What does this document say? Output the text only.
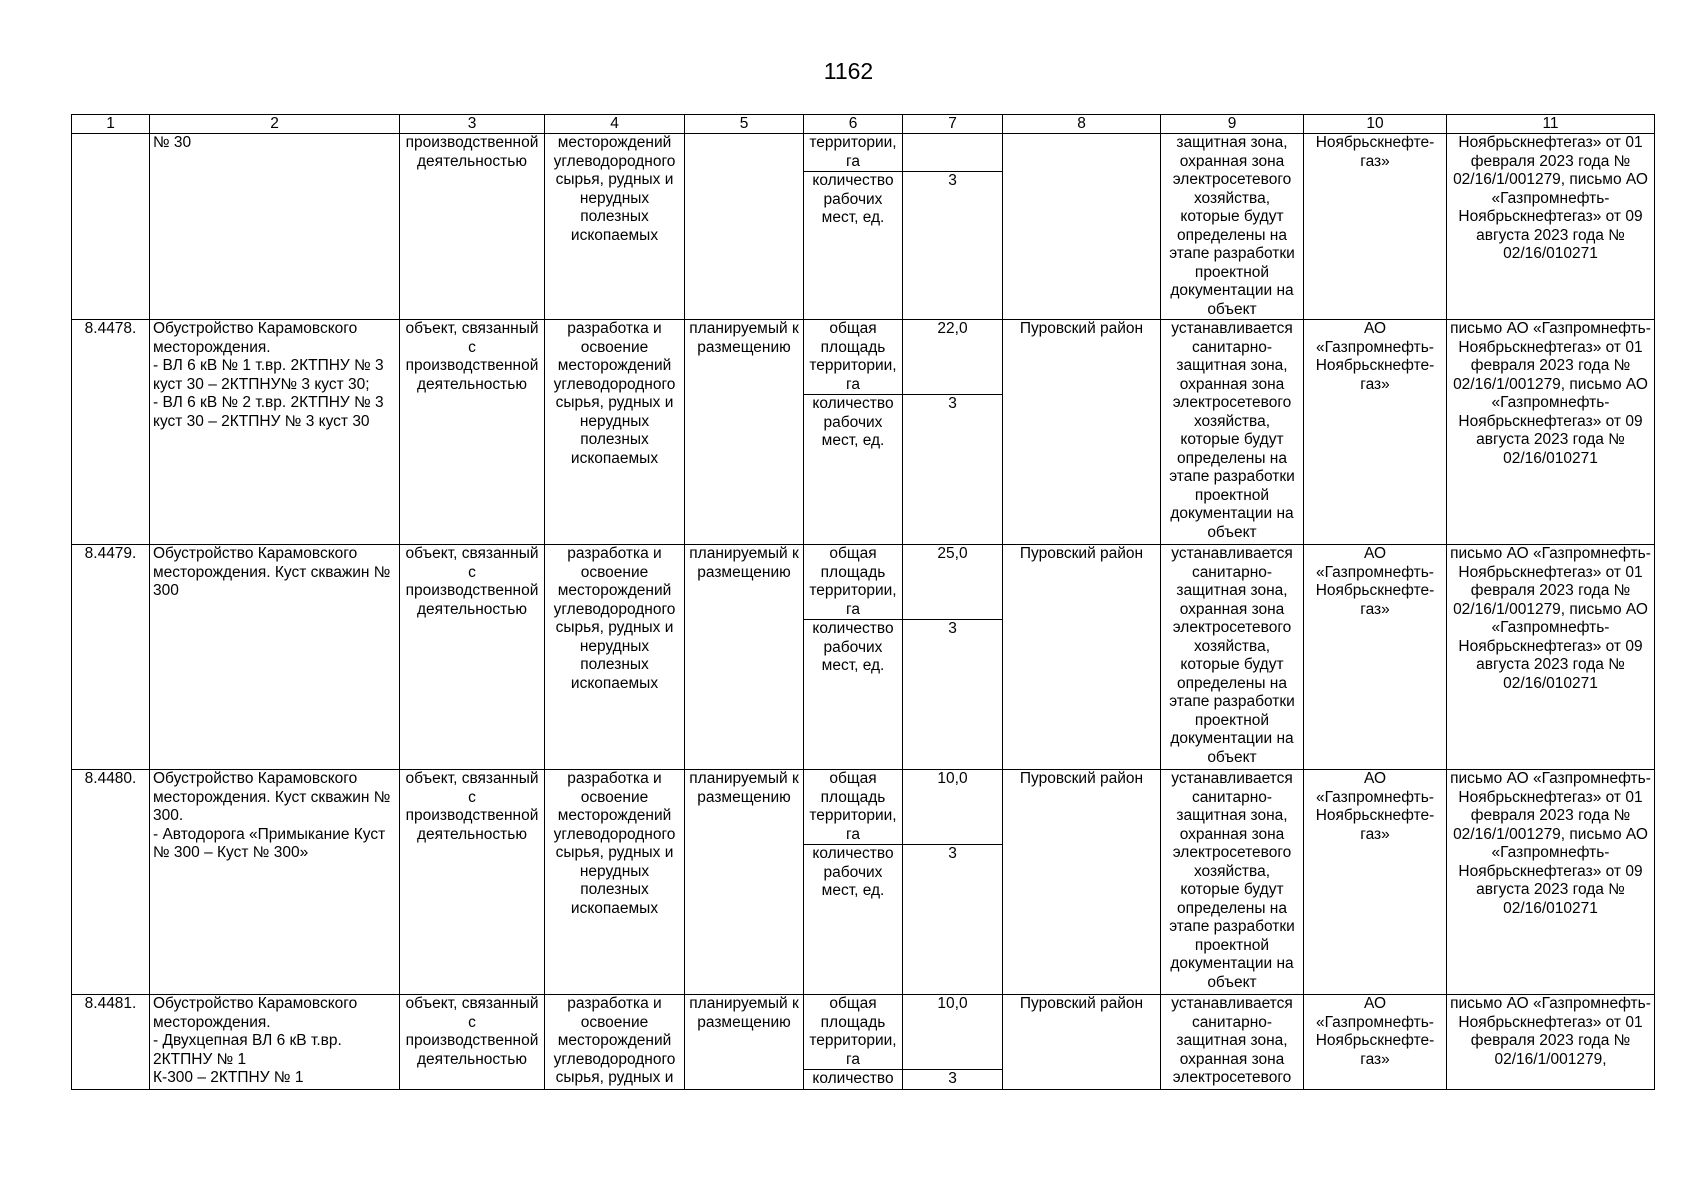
1162
1	2	3	4	5	6	7	8	9	10	11
	№ 30	производственной деятельностью	месторождений углеводородного сырья, рудных и нерудных полезных ископаемых		территории, га			защитная зона, охранная зона электросетевого хозяйства, которые будут определены на этапе разработки проектной документации на объект	Ноябрьскнефте- газ»	Ноябрьскнефтегаз» от 01 февраля 2023 года № 02/16/1/001279, письмо АО «Газпромнефть- Ноябрьскнефтегаз» от 09 августа 2023 года № 02/16/010271
					количество рабочих мест, ед.	3				
8.4478.	Обустройство Карамовского месторождения.
- ВЛ 6 кВ № 1 т.вр. 2КТПНУ № 3 куст 30 – 2КТПНУ№ 3 куст 30;
- ВЛ 6 кВ № 2 т.вр. 2КТПНУ № 3 куст 30 – 2КТПНУ № 3 куст 30	объект, связанный с производственной деятельностью	разработка и освоение месторождений углеводородного сырья, рудных и нерудных полезных ископаемых	планируемый к размещению	общая площадь территории, га	22,0	Пуровский район	устанавливается санитарно- защитная зона, охранная зона электросетевого хозяйства, которые будут определены на этапе разработки проектной документации на объект	АО «Газпромнефть- Ноябрьскнефте- газ»	письмо АО «Газпромнефть- Ноябрьскнефтегаз» от 01 февраля 2023 года № 02/16/1/001279, письмо АО «Газпромнефть- Ноябрьскнефтегаз» от 09 августа 2023 года № 02/16/010271
					количество рабочих мест, ед.	3				
8.4479.	Обустройство Карамовского месторождения. Куст скважин № 300	объект, связанный с производственной деятельностью	разработка и освоение месторождений углеводородного сырья, рудных и нерудных полезных ископаемых	планируемый к размещению	общая площадь территории, га	25,0	Пуровский район	устанавливается санитарно- защитная зона, охранная зона электросетевого хозяйства, которые будут определены на этапе разработки проектной документации на объект	АО «Газпромнефть- Ноябрьскнефте- газ»	письмо АО «Газпромнефть- Ноябрьскнефтегаз» от 01 февраля 2023 года № 02/16/1/001279, письмо АО «Газпромнефть- Ноябрьскнефтегаз» от 09 августа 2023 года № 02/16/010271
					количество рабочих мест, ед.	3				
8.4480.	Обустройство Карамовского месторождения. Куст скважин № 300.
- Автодорога «Примыкание Куст № 300 – Куст № 300»	объект, связанный с производственной деятельностью	разработка и освоение месторождений углеводородного сырья, рудных и нерудных полезных ископаемых	планируемый к размещению	общая площадь территории, га	10,0	Пуровский район	устанавливается санитарно- защитная зона, охранная зона электросетевого хозяйства, которые будут определены на этапе разработки проектной документации на объект	АО «Газпромнефть- Ноябрьскнефте- газ»	письмо АО «Газпромнефть- Ноябрьскнефтегаз» от 01 февраля 2023 года № 02/16/1/001279, письмо АО «Газпромнефть- Ноябрьскнефтегаз» от 09 августа 2023 года № 02/16/010271
					количество рабочих мест, ед.	3				
8.4481.	Обустройство Карамовского месторождения.
- Двухцепная ВЛ 6 кВ т.вр. 2КТПНУ № 1
К-300 – 2КТПНУ № 1	объект, связанный с производственной деятельностью	разработка и освоение месторождений углеводородного сырья, рудных и	планируемый к размещению	общая площадь территории, га	10,0	Пуровский район	устанавливается санитарно- защитная зона, охранная зона электросетевого	АО «Газпромнефть- Ноябрьскнефте- газ»	письмо АО «Газпромнефть- Ноябрьскнефтегаз» от 01 февраля 2023 года № 02/16/1/001279,
					количество	3				
